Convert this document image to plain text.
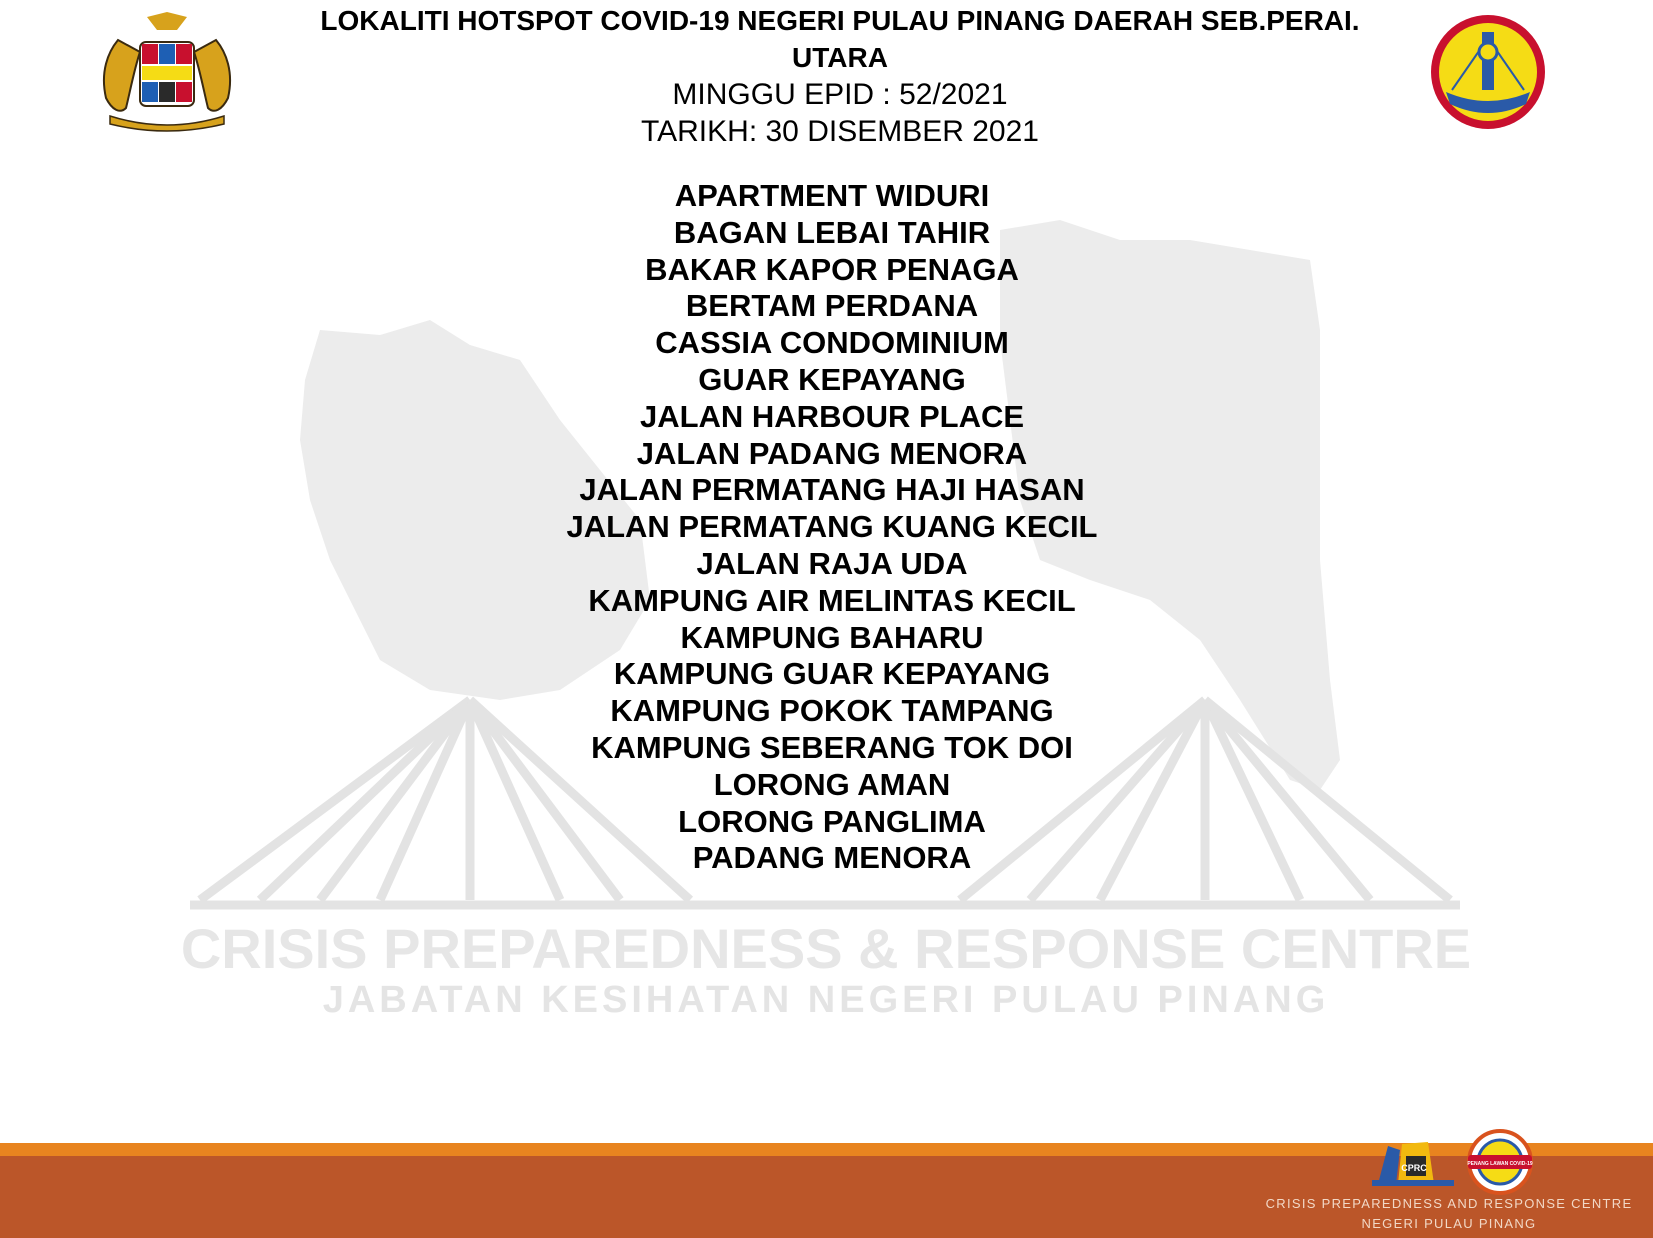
CRISIS PREPAREDNESS & RESPONSE CENTRE
JABATAN KESIHATAN NEGERI PULAU PINANG
LOKALITI HOTSPOT COVID-19 NEGERI PULAU PINANG DAERAH SEB.PERAI.
UTARA
MINGGU EPID : 52/2021
TARIKH: 30 DISEMBER 2021
APARTMENT WIDURI
BAGAN LEBAI TAHIR
BAKAR KAPOR PENAGA
BERTAM PERDANA
CASSIA CONDOMINIUM
GUAR KEPAYANG
JALAN HARBOUR PLACE
JALAN PADANG MENORA
JALAN PERMATANG HAJI HASAN
JALAN PERMATANG KUANG KECIL
JALAN RAJA UDA
KAMPUNG AIR MELINTAS KECIL
KAMPUNG BAHARU
KAMPUNG GUAR KEPAYANG
KAMPUNG POKOK TAMPANG
KAMPUNG SEBERANG TOK DOI
LORONG AMAN
LORONG PANGLIMA
PADANG MENORA
CPRC	PENANG LAWAN COVID-19
CRISIS PREPAREDNESS AND RESPONSE CENTRE
NEGERI PULAU PINANG
